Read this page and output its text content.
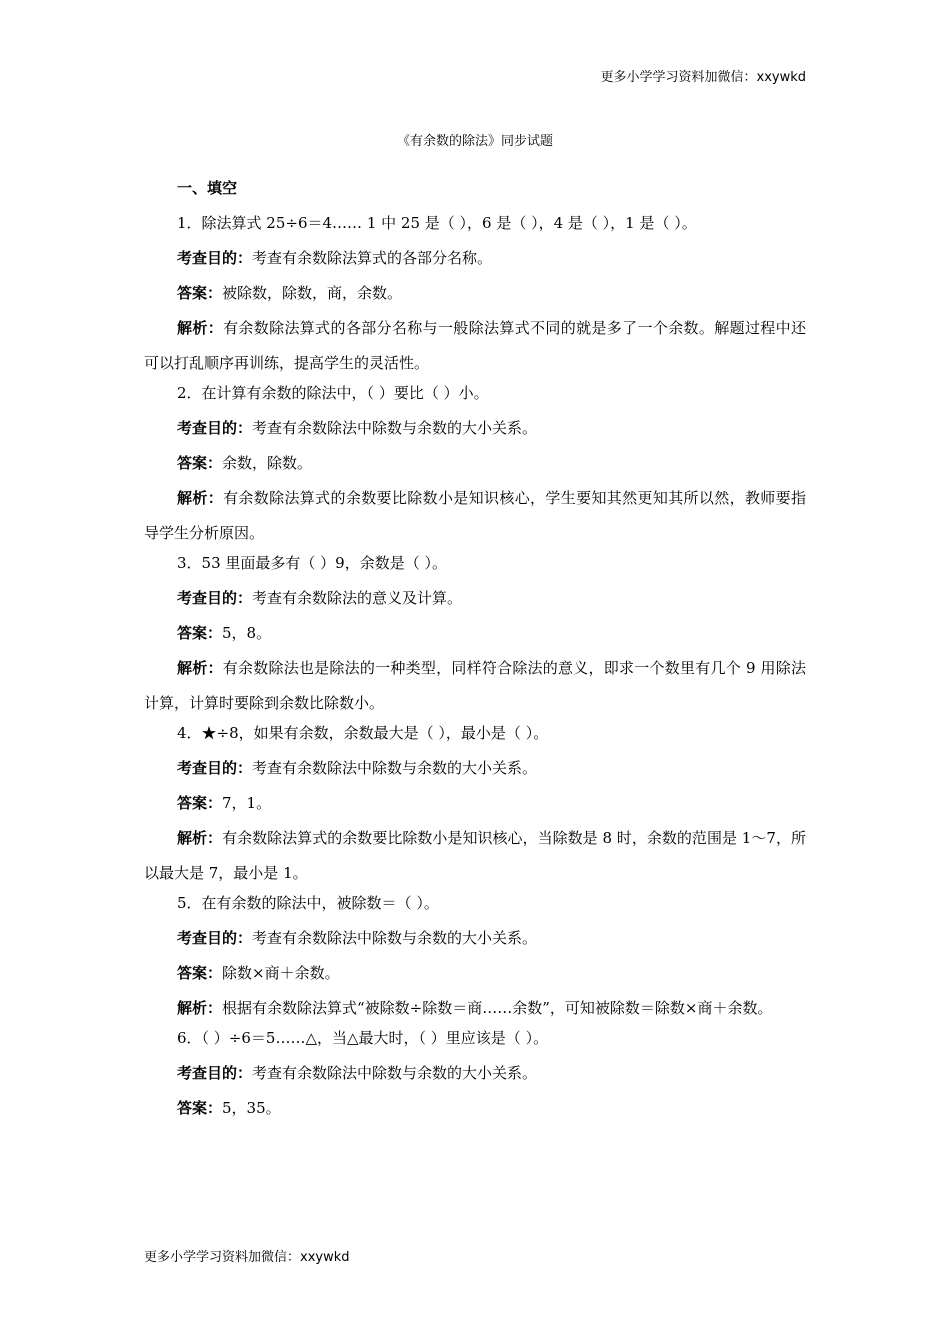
更多小学学习资料加微信：xxywkd
《有余数的除法》同步试题
一、填空
1．除法算式 25÷6＝4…… 1 中 25 是（ ），6 是（ ），4 是（ ），1 是（ ）。
考查目的：考查有余数除法算式的各部分名称。
答案：被除数，除数，商，余数。
解析：有余数除法算式的各部分名称与一般除法算式不同的就是多了一个余数。解题过程中还可以打乱顺序再训练，提高学生的灵活性。
2．在计算有余数的除法中，（ ）要比（ ）小。
考查目的：考查有余数除法中除数与余数的大小关系。
答案：余数，除数。
解析：有余数除法算式的余数要比除数小是知识核心，学生要知其然更知其所以然，教师要指导学生分析原因。
3．53 里面最多有（ ）9，余数是（ ）。
考查目的：考查有余数除法的意义及计算。
答案：5，8。
解析：有余数除法也是除法的一种类型，同样符合除法的意义，即求一个数里有几个 9 用除法计算，计算时要除到余数比除数小。
4．★÷8，如果有余数，余数最大是（ ），最小是（ ）。
考查目的：考查有余数除法中除数与余数的大小关系。
答案：7，1。
解析：有余数除法算式的余数要比除数小是知识核心，当除数是 8 时，余数的范围是 1～7，所以最大是 7，最小是 1。
5．在有余数的除法中，被除数＝（ ）。
考查目的：考查有余数除法中除数与余数的大小关系。
答案：除数×商＋余数。
解析：根据有余数除法算式“被除数÷除数＝商……余数”，可知被除数＝除数×商＋余数。
6．（ ）÷6＝5……△，当△最大时，（ ）里应该是（ ）。
考查目的：考查有余数除法中除数与余数的大小关系。
答案：5，35。
更多小学学习资料加微信：xxywkd
